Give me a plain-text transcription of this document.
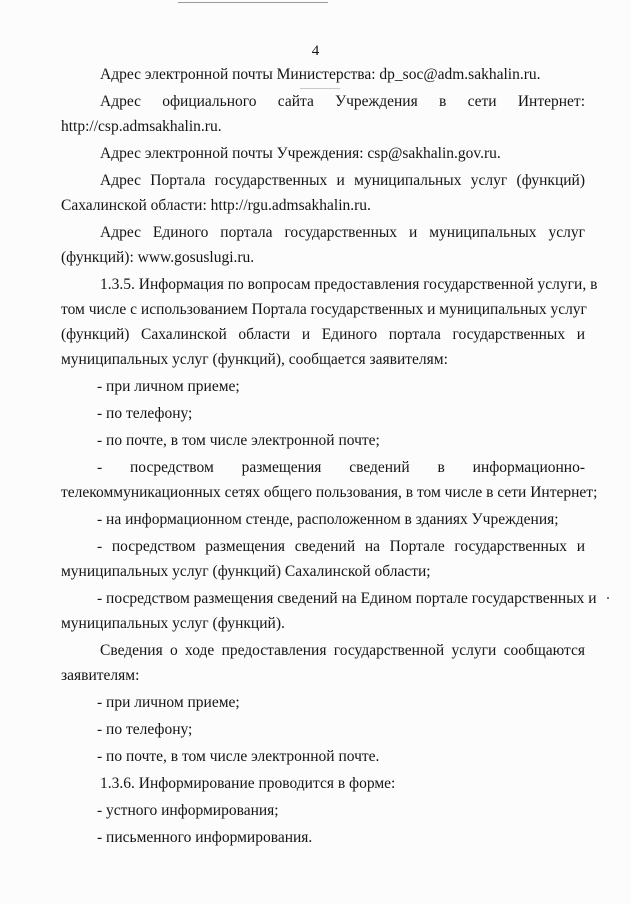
4
Адрес электронной почты Министерства: dp_soc@adm.sakhalin.ru.
Адрес официального сайта Учреждения в сети Интернет:
http://csp.admsakhalin.ru.
Адрес электронной почты Учреждения: csp@sakhalin.gov.ru.
Адрес Портала государственных и муниципальных услуг (функций)
Сахалинской области: http://rgu.admsakhalin.ru.
Адрес Единого портала государственных и муниципальных услуг
(функций): www.gosuslugi.ru.
1.3.5. Информация по вопросам предоставления государственной услуги, в
том числе с использованием Портала государственных и муниципальных услуг
(функций) Сахалинской области и Единого портала государственных и
муниципальных услуг (функций), сообщается заявителям:
- при личном приеме;
- по телефону;
- по почте, в том числе электронной почте;
- посредством размещения сведений в информационно-
телекоммуникационных сетях общего пользования, в том числе в сети Интернет;
- на информационном стенде, расположенном в зданиях Учреждения;
- посредством размещения сведений на Портале государственных и
муниципальных услуг (функций) Сахалинской области;
- посредством размещения сведений на Едином портале государственных и
муниципальных услуг (функций).
Сведения о ходе предоставления государственной услуги сообщаются
заявителям:
- при личном приеме;
- по телефону;
- по почте, в том числе электронной почте.
1.3.6. Информирование проводится в форме:
- устного информирования;
- письменного информирования.
